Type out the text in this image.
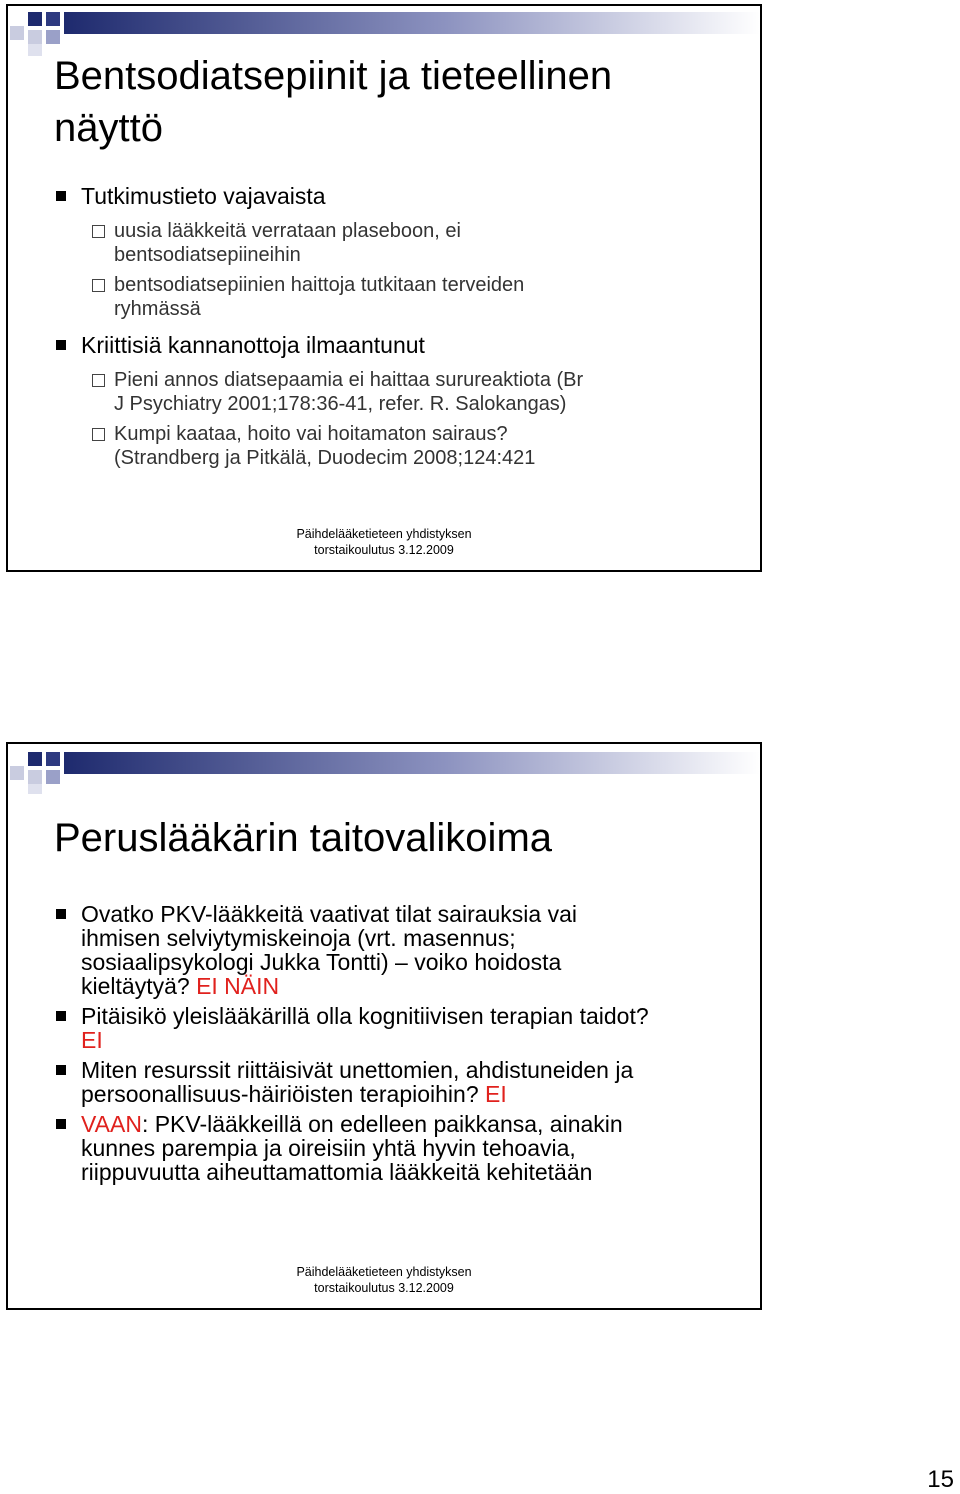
Bentsodiatsepiinit ja tieteellinen
näyttö
Tutkimustieto vajavaista
uusia lääkkeitä verrataan plaseboon, ei
bentsodiatsepiineihin
bentsodiatsepiinien haittoja tutkitaan terveiden
ryhmässä
Kriittisiä kannanottoja ilmaantunut
Pieni annos diatsepaamia ei haittaa surureaktiota (Br
J Psychiatry 2001;178:36-41, refer. R. Salokangas)
Kumpi kaataa, hoito vai hoitamaton sairaus?
(Strandberg ja Pitkälä, Duodecim 2008;124:421
Päihdelääketieteen yhdistyksen
torstaikoulutus 3.12.2009
Peruslääkärin taitovalikoima
Ovatko PKV-lääkkeitä vaativat tilat sairauksia vai
ihmisen selviytymiskeinoja (vrt. masennus;
sosiaalipsykologi Jukka Tontti) – voiko hoidosta
kieltäytyä? EI NÄIN
Pitäisikö yleislääkärillä olla kognitiivisen terapian taidot?
EI
Miten resurssit riittäisivät unettomien, ahdistuneiden ja
persoonallisuus-häiriöisten terapioihin? EI
VAAN: PKV-lääkkeillä on edelleen paikkansa, ainakin
kunnes parempia ja oireisiin yhtä hyvin tehoavia,
riippuvuutta aiheuttamattomia lääkkeitä kehitetään
Päihdelääketieteen yhdistyksen
torstaikoulutus 3.12.2009
15
